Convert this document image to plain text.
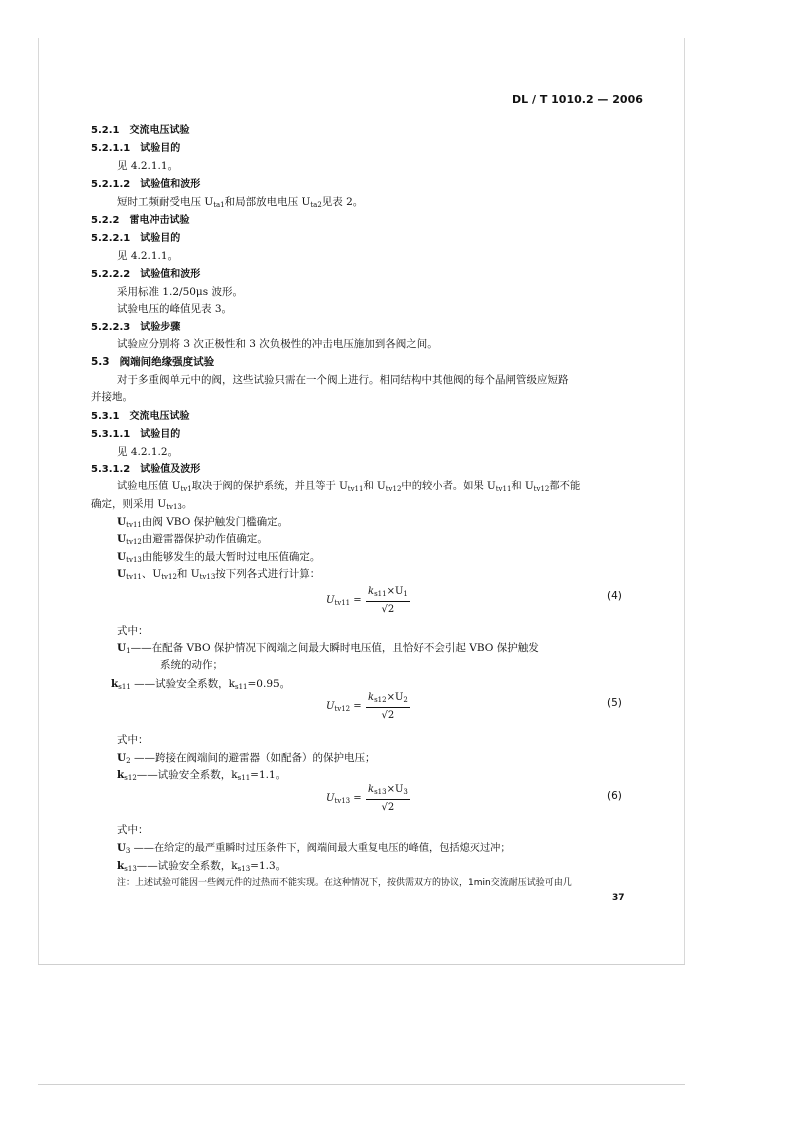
DL / T 1010.2 — 2006
5.2.1 交流电压试验
5.2.1.1 试验目的
见 4.2.1.1。
5.2.1.2 试验值和波形
短时工频耐受电压 $U_{ta1}$和局部放电电压 $U_{ta2}$见表 2。
5.2.2 雷电冲击试验
5.2.2.1 试验目的
见 4.2.1.1。
5.2.2.2 试验值和波形
采用标准 1.2/50μs 波形。
试验电压的峰值见表 3。
5.2.2.3 试验步骤
试验应分别将 3 次正极性和 3 次负极性的冲击电压施加到各阀之间。
5.3 阀端间绝缘强度试验
对于多重阀单元中的阀，这些试验只需在一个阀上进行。相同结构中其他阀的每个晶闸管级应短路
并接地。
5.3.1 交流电压试验
5.3.1.1 试验目的
见 4.2.1.2。
5.3.1.2 试验值及波形
试验电压值 $U_{tv1}$取决于阀的保护系统，并且等于 $U_{tv11}$和 $U_{tv12}$中的较小者。如果 $U_{tv11}$和 $U_{tv12}$都不能
确定，则采用 $U_{tv13}$。
$U_{tv11}$由阀 VBO 保护触发门槛确定。
$U_{tv12}$由避雷器保护动作值确定。
$U_{tv13}$由能够发生的最大暂时过电压值确定。
$U_{tv11}$、$U_{tv12}$和 $U_{tv13}$按下列各式进行计算：
$U_{tv11} = \frac{k_{s11}\times U_1}{√2}$	(4)
式中：
$U_1——$在配备 VBO 保护情况下阀端之间最大瞬时电压值，且恰好不会引起 VBO 保护触发
系统的动作；
$k_{s11}$ ——试验安全系数，$k_{s11}=0.95$。
$U_{tv12} = \frac{k_{s12}\times U_2}{√2}$	(5)
式中：
$U_2$ ——跨接在阀端间的避雷器（如配备）的保护电压；
$k_{s12}——$试验安全系数，$k_{s11}=1.1$。
$U_{tv13} = \frac{k_{s13}\times U_3}{√2}$	(6)
式中：
$U_3$ ——在给定的最严重瞬时过压条件下，阀端间最大重复电压的峰值，包括熄灭过冲；
$k_{s13}——$试验安全系数，$k_{s13}=1.3$。
注：上述试验可能因一些阀元件的过热而不能实现。在这种情况下，按供需双方的协议，1min交流耐压试验可由几
37
